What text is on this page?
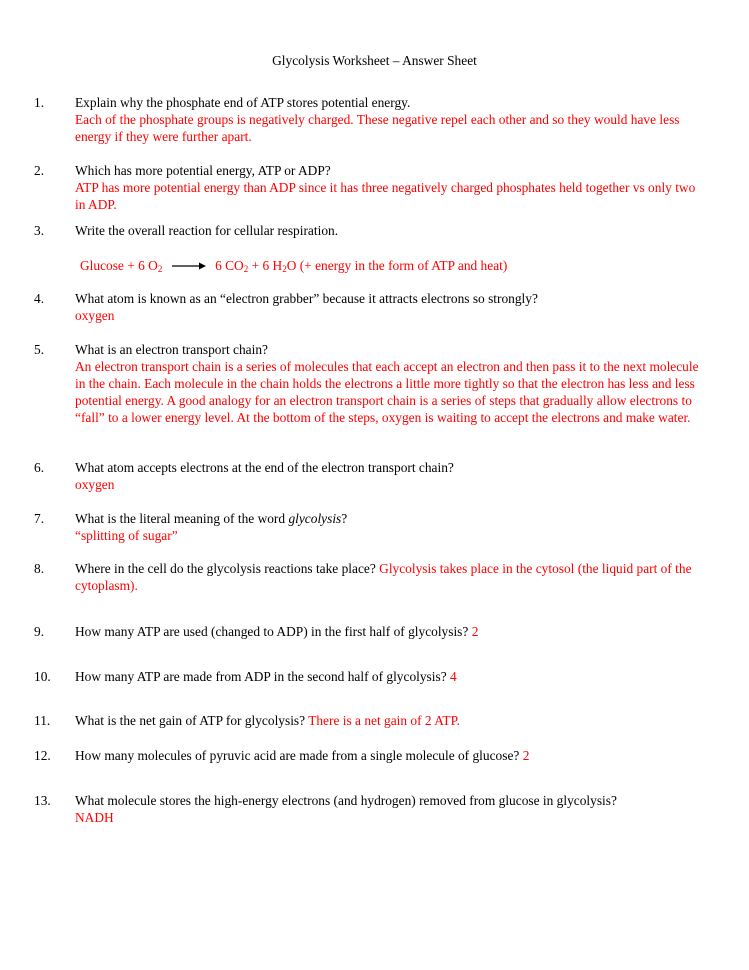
Glycolysis Worksheet – Answer Sheet
1. Explain why the phosphate end of ATP stores potential energy.
Each of the phosphate groups is negatively charged. These negative repel each other and so they would have less energy if they were further apart.
2. Which has more potential energy, ATP or ADP?
ATP has more potential energy than ADP since it has three negatively charged phosphates held together vs only two in ADP.
3. Write the overall reaction for cellular respiration.
Glucose + 6 $O_2 \to 6$ $CO_2 + 6$ $H_2O$ (+ energy in the form of ATP and heat)
4. What atom is known as an “electron grabber” because it attracts electrons so strongly?
oxygen
5. What is an electron transport chain?
An electron transport chain is a series of molecules that each accept an electron and then pass it to the next molecule in the chain. Each molecule in the chain holds the electrons a little more tightly so that the electron has less and less potential energy. A good analogy for an electron transport chain is a series of steps that gradually allow electrons to “fall” to a lower energy level. At the bottom of the steps, oxygen is waiting to accept the electrons and make water.
6. What atom accepts electrons at the end of the electron transport chain?
oxygen
7. What is the literal meaning of the word glycolysis?
“splitting of sugar”
8. Where in the cell do the glycolysis reactions take place? Glycolysis takes place in the cytosol (the liquid part of the cytoplasm).
9. How many ATP are used (changed to ADP) in the first half of glycolysis? 2
10. How many ATP are made from ADP in the second half of glycolysis? 4
11. What is the net gain of ATP for glycolysis? There is a net gain of 2 ATP.
12. How many molecules of pyruvic acid are made from a single molecule of glucose? 2
13. What molecule stores the high-energy electrons (and hydrogen) removed from glucose in glycolysis?
NADH
